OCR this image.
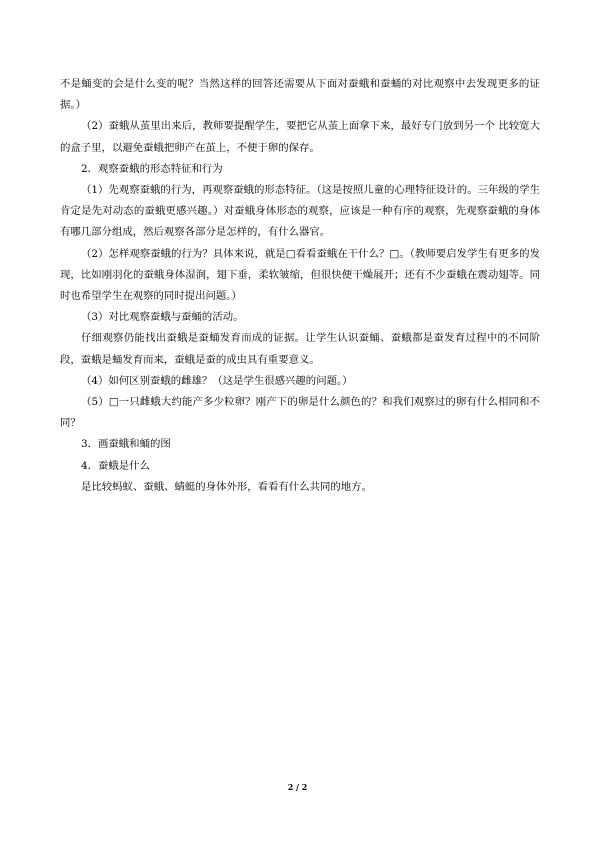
不是蛹变的会是什么变的呢？当然这样的回答还需要从下面对蚕蛾和蚕蛹的对比观察中去发现更多的证据。）

（2）蚕蛾从茧里出来后，教师要提醒学生，要把它从茧上面拿下来，最好专门放到另一个 比较宽大的盒子里，以避免蚕蛾把卵产在茧上，不便于卵的保存。

2．观察蚕蛾的形态特征和行为

（1）先观察蚕蛾的行为，再观察蚕蛾的形态特征。（这是按照儿童的心理特征设计的。三年级的学生肯定是先对动态的蚕蛾更感兴趣。）对蚕蛾身体形态的观察，应该是一种有序的观察，先观察蚕蛾的身体有哪几部分组成，然后观察各部分是怎样的，有什么器官。

（2）怎样观察蚕蛾的行为？具体来说，就是□看看蚕蛾在干什么？□。（教师要启发学生有更多的发现，比如刚羽化的蚕蛾身体湿润，翅下垂，柔软皱缩，但很快便干燥展开；还有不少蚕蛾在震动翅等。同时也希望学生在观察的同时提出问题。）

（3）对比观察蚕蛾与蚕蛹的活动。

仔细观察仍能找出蚕蛾是蚕蛹发育而成的证据。让学生认识蚕蛹、蚕蛾都是蚕发育过程中的不同阶段，蚕蛾是蛹发育而来，蚕蛾是蚕的成虫具有重要意义。

（4）如何区别蚕蛾的雌雄？（这是学生很感兴趣的问题。）

（5）□一只雌蛾大约能产多少粒卵？刚产下的卵是什么颜色的？和我们观察过的卵有什么相同和不同？

3．画蚕蛾和蛹的图

4．蚕蛾是什么

是比较蚂蚁、蚕蛾、蜻蜓的身体外形，看看有什么共同的地方。

2 / 2
